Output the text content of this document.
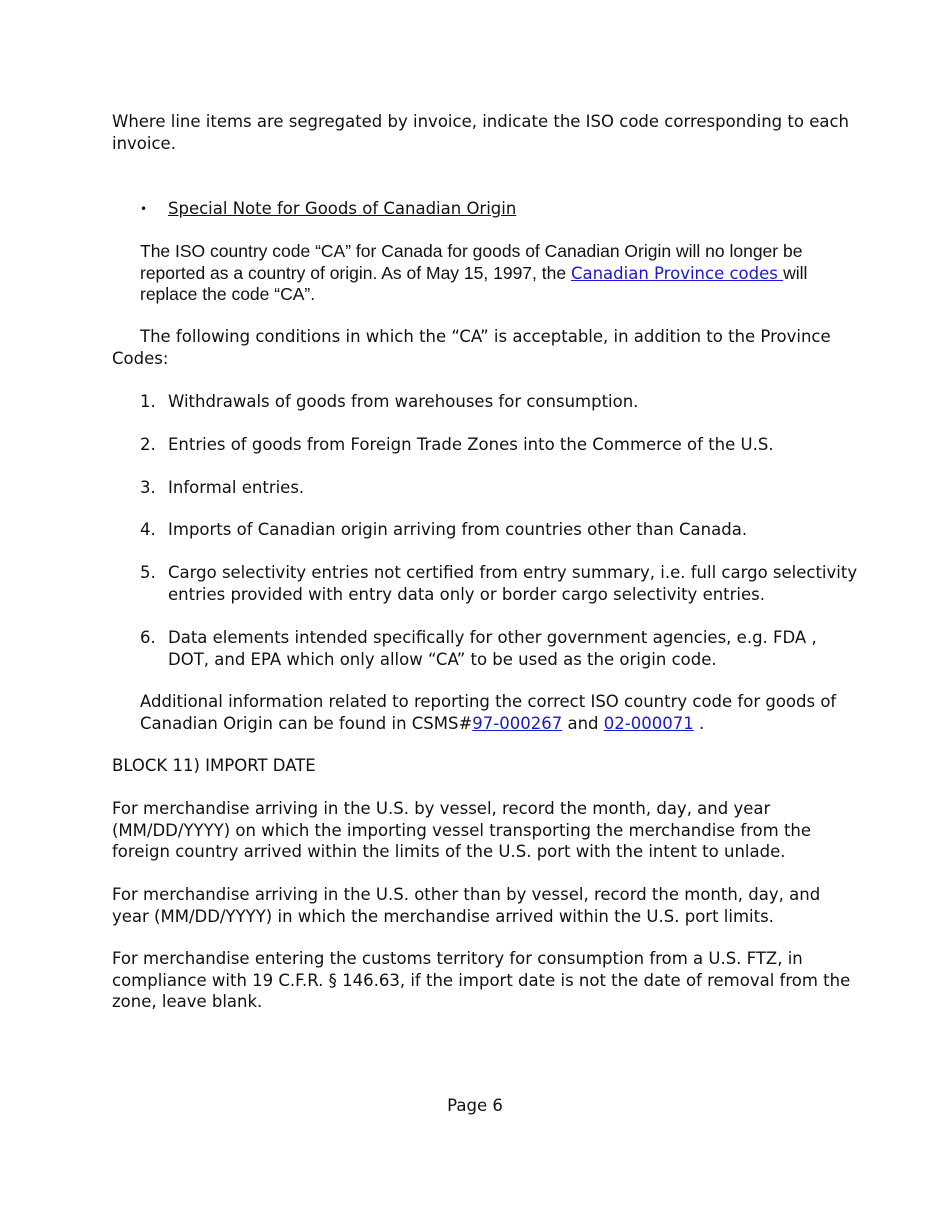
Where line items are segregated by invoice, indicate the ISO code corresponding to each invoice.

• Special Note for Goods of Canadian Origin

The ISO country code “CA” for Canada for goods of Canadian Origin will no longer be reported as a country of origin. As of May 15, 1997, the Canadian Province codes will replace the code “CA”.

The following conditions in which the “CA” is acceptable, in addition to the Province Codes:

1. Withdrawals of goods from warehouses for consumption.

2. Entries of goods from Foreign Trade Zones into the Commerce of the U.S.

3. Informal entries.

4. Imports of Canadian origin arriving from countries other than Canada.

5. Cargo selectivity entries not certified from entry summary, i.e. full cargo selectivity entries provided with entry data only or border cargo selectivity entries.

6. Data elements intended specifically for other government agencies, e.g. FDA , DOT, and EPA which only allow “CA” to be used as the origin code.

Additional information related to reporting the correct ISO country code for goods of Canadian Origin can be found in CSMS#97-000267 and 02-000071 .

BLOCK 11) IMPORT DATE

For merchandise arriving in the U.S. by vessel, record the month, day, and year (MM/DD/YYYY) on which the importing vessel transporting the merchandise from the foreign country arrived within the limits of the U.S. port with the intent to unlade.

For merchandise arriving in the U.S. other than by vessel, record the month, day, and year (MM/DD/YYYY) in which the merchandise arrived within the U.S. port limits.

For merchandise entering the customs territory for consumption from a U.S. FTZ, in compliance with 19 C.F.R. § 146.63, if the import date is not the date of removal from the zone, leave blank.

Page 6
